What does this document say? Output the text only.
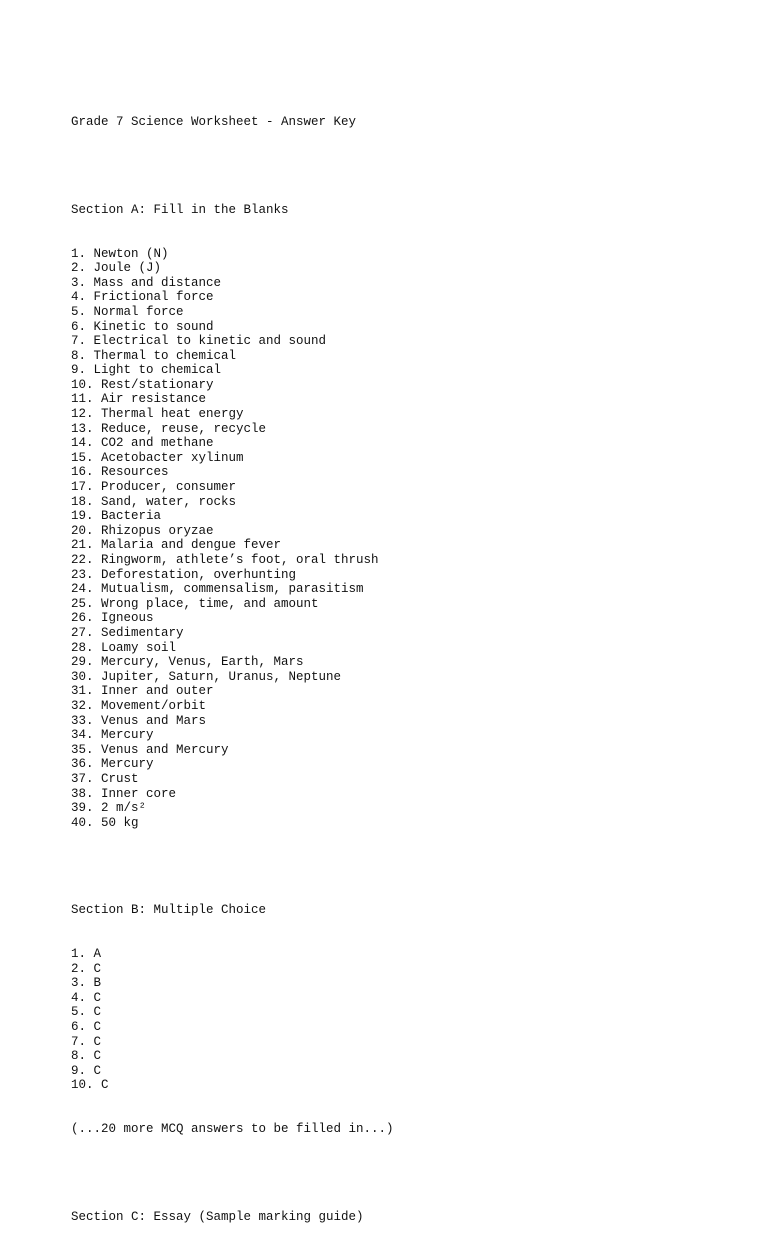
Grade 7 Science Worksheet - Answer Key

Section A: Fill in the Blanks

1. Newton (N)
2. Joule (J)
3. Mass and distance
4. Frictional force
5. Normal force
6. Kinetic to sound
7. Electrical to kinetic and sound
8. Thermal to chemical
9. Light to chemical
10. Rest/stationary
11. Air resistance
12. Thermal heat energy
13. Reduce, reuse, recycle
14. CO2 and methane
15. Acetobacter xylinum
16. Resources
17. Producer, consumer
18. Sand, water, rocks
19. Bacteria
20. Rhizopus oryzae
21. Malaria and dengue fever
22. Ringworm, athlete’s foot, oral thrush
23. Deforestation, overhunting
24. Mutualism, commensalism, parasitism
25. Wrong place, time, and amount
26. Igneous
27. Sedimentary
28. Loamy soil
29. Mercury, Venus, Earth, Mars
30. Jupiter, Saturn, Uranus, Neptune
31. Inner and outer
32. Movement/orbit
33. Venus and Mars
34. Mercury
35. Venus and Mercury
36. Mercury
37. Crust
38. Inner core
39. 2 m/s²
40. 50 kg

Section B: Multiple Choice

1. A
2. C
3. B
4. C
5. C
6. C
7. C
8. C
9. C
10. C

(...20 more MCQ answers to be filled in...)

Section C: Essay (Sample marking guide)
